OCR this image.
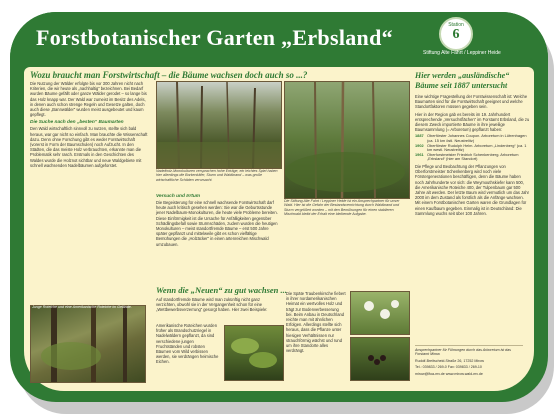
Forstbotanischer Garten „Erbsland“	Station
6
Stiftung Alte Fahrt / Leppiner Heide
Wozu braucht man Forstwirtschaft – die Bäume wachsen doch auch so ...?

Die Nutzung der Wälder erfolgte bis vor 300 Jahren nicht nach Kriterien, die wir heute als „nachhaltig“ bezeichnen. Bei Bedarf wurden Bäume gefällt oder ganze Wälder gerodet – so lange bis das Holz knapp war. Der Wald war zumeist im Besitz des Adels, in denen auch schon strenge Regeln und Gesetze galten, doch auch diese „Bannwälder“ wurden meist ausgebeutet und kaum gepflegt.

Die Suche nach den „besten“ Baumarten

Den Wald wirtschaftlich sinnvoll zu nutzen, stellte sich bald heraus, war gar nicht so einfach. Man brauchte die Wissenschaft dazu. Denn ohne Forschung gibt es weder Forstwirtschaft (vorerst in Form der Baumschulen) noch Aufzucht. In den Städten, die das meiste Holz verbrauchten, erkannte man die Problematik sehr rasch. Erstmals in den Geschichten des Waldes wurde die Holznot sichtbar und neue Waldgebiete mit schnell wachsenden Nadelbäumen aufgeforstet.

Junge Roteiche und eine Amerikanische Roteiche im Gelände.
Nadelholz-Monokulturen versprachen hohe Erträge, ein leichtes Spiel haben hier allerdings die Borkenkäfer, Sturm und Waldbrand – was große wirtschaftliche Schäden verursacht.
Versuch und Irrtum

Die Begeisterung für eine schnell wachsende Forstwirtschaft darf heute auch kritisch gesehen werden: Sie war die Geburtsstunde jener Nadelbaum-Monokulturen, die heute viele Probleme bereiten. Diese Einförmigkeit ist die Ursache für Anfälligkeiten gegenüber Schädlingsbefall sowie Sturmschäden, zudem wurden die heutigen Monokulturen – meist standortfremde Bäume – erst 500 Jahre später gepflanzt und mittelweile gibt es schon vielfältige Bemühungen die „Holzäcker“ in einen artenreichen Mischwald umzubauen.

Die Stiftung Alte Fahrt / Leppiner Heide ist ein Ansprechpartner für unser Wald. Hier ist die Gefahr der Bestandsvernichtung durch Waldbrand und Sturm vergrößert worden – mit den Bemühungen für einen stabileren Mischwald bleibt der Erhalt eine bleibende Aufgabe.
Wenn die „Neuen“ zu gut wachsen ...

Auf standortfremde Bäume wird man zukünftig nicht ganz verzichten, obwohl sie in der Vergangenheit schon für eine „Wettbewerbsverzerrung“ gesorgt haben. Hier zwei Beispiele:

Amerikanische Roteichen wurden früher als Brandschutzriegel in Nadelwäldern gepflanzt, da sind verschiedene jungen Fruchtständen und robsten Bäumen vom Wild verbissen werden, sie verdrängen heimische Eichen.

Die Späte Traubenkirsche fiebert in ihrer nordamerikanischen Heimat ein wertvolles Holz und trägt zur Bodenverbesserung bei. Beim Anbau in Deutschland reichte man mit ähnlichen Erfolgen. Allerdings stellte sich heraus, dass die Pflanze unter hiesigen Verhältnissen nur strauchförmig wächst und rund um ihre Standorte alles verdrängt.

Hier werden „ausländische“ Bäume seit 1887 untersucht

Eine wichtige Fragestellung der Forstwissenschaft ist: Welche Baumarten sind für die Forstwirtschaft geeignet und welche Standortfaktoren müssen gegeben sein.

Hier in der Region gab es bereits im 19. Jahrhundert entsprechende „Versuchsflächen“ im Forstamt Erbsland, die zu diesem Zweck importierte Bäume in ihre jeweilige Baumsammlung (= Arboretum) gepflanzt haben:

1887 Oberförster Johannes Coupon. Arboretum in Lütrenhagen (ca. 15 km östl. Neustrelitz)
1902 Oberförster Rudolph Helm. Arboretum „Lindenberg“ (ca. 1 km westl. Neustrelitz)
1961 Oberforstmeister Friedrich Schenkenberg. Arboretum „Erbsland“ (hier am Standort)

Die Pflege und Beobachtung der Pflanzungen von Oberforstmeister Schenkenberg wird noch viele Förstergenerationen beschäftigen, denn die Bäume haben noch Jahrhunderte vor sich: die Weymouthskiefer kann 500, die Amerikanische Roteiche 400, der Tulpenbaum gar 500 Jahre alt werden. Der letzte Baum wird vermutlich um das Jahr 2000 im dem Zustand als forstlich als die Anfänge wachsen. Mit einem Forstbotanischen Garten waren die Grundlagen für einen Kaufbaum gegeben. Einmalig ist in Deutschland: Die Sammlung wuchs seit über 100 Jahren.

Ansprechpartner für Führungen durch das Arboretum ist das Forstamt Mirow.

Rudolf-Breitscheid-Straße 26, 17252 Mirow

Tel.: 039833 / 269-0 Fax: 039833 / 269-10

mirow@lfoa-mv.de www.mirow.wald-mv.de
